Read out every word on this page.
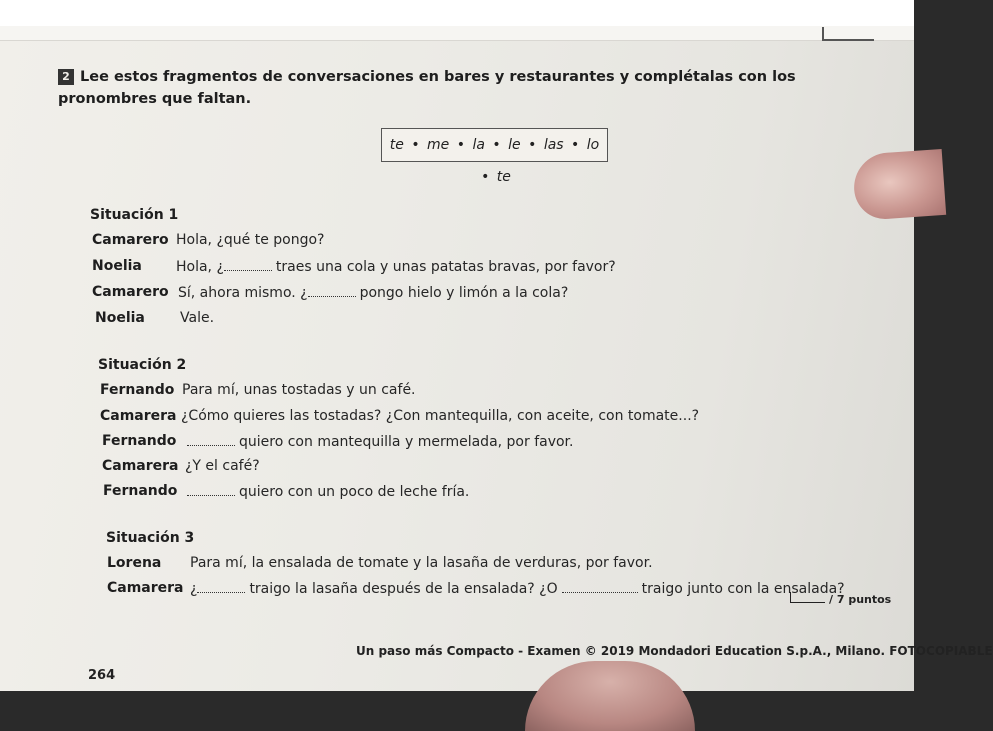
2 Lee estos fragmentos de conversaciones en bares y restaurantes y complétalas con los pronombres que faltan.
te • me • la • le • las • lo • te
Situación 1
Camarero Hola, ¿qué te pongo?
Noelia Hola, ¿	traes una cola y unas patatas bravas, por favor?
Camarero Sí, ahora mismo. ¿	pongo hielo y limón a la cola?
Noelia	Vale.
Situación 2
Fernando Para mí, unas tostadas y un café.
Camarera ¿Cómo quieres las tostadas? ¿Con mantequilla, con aceite, con tomate...?
Fernando	quiero con mantequilla y mermelada, por favor.
Camarera ¿Y el café?
Fernando	quiero con un poco de leche fría.
Situación 3
Lorena Para mí, la ensalada de tomate y la lasaña de verduras, por favor.
Camarera ¿	traigo la lasaña después de la ensalada? ¿O	traigo junto con la ensalada?
/ 7 puntos
Un paso más Compacto - Examen © 2019 Mondadori Education S.p.A., Milano. FOTOCOPIABLE
264
